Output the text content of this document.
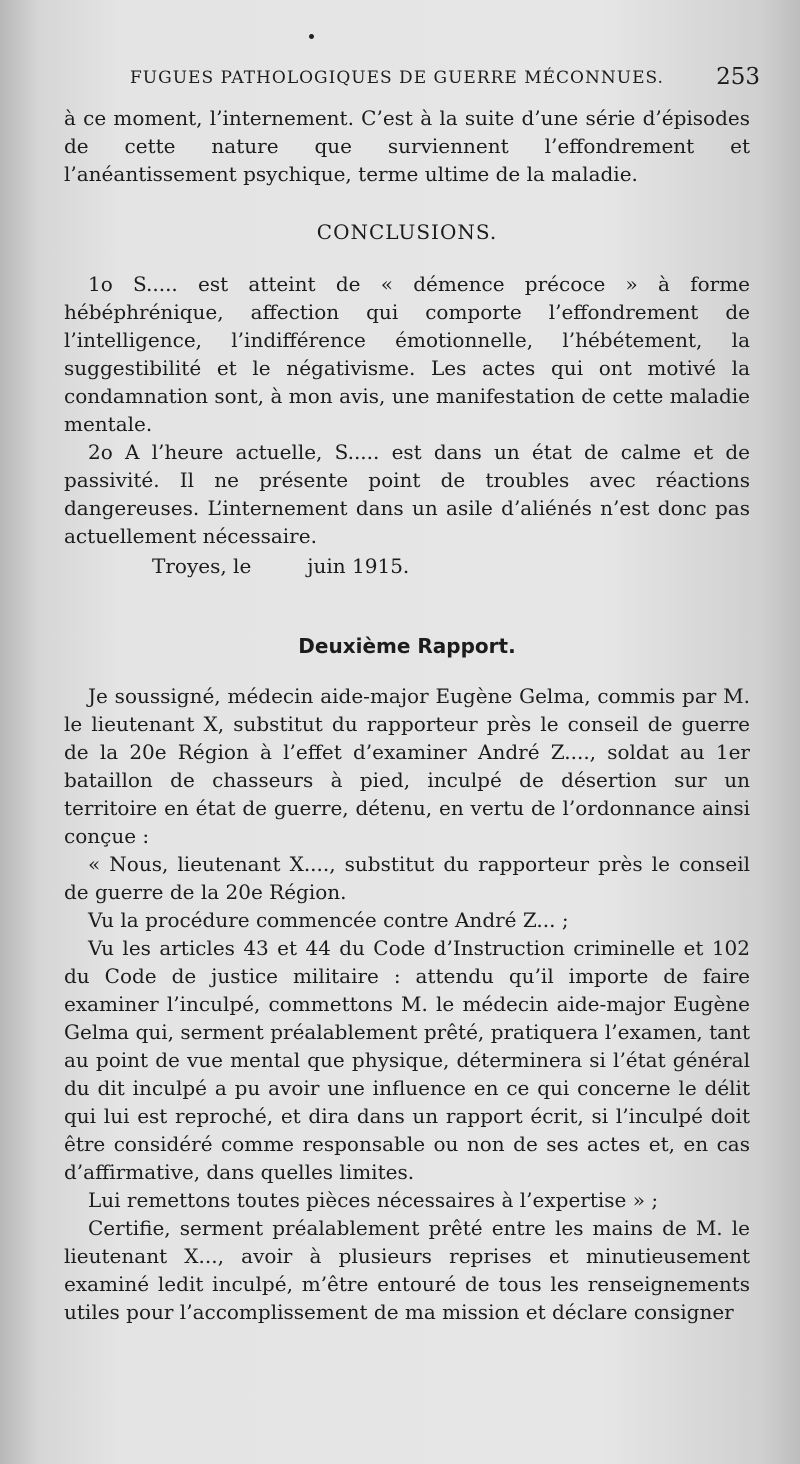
FUGUES PATHOLOGIQUES DE GUERRE MÉCONNUES. 253

à ce moment, l’internement. C’est à la suite d’une série d’épisodes de cette nature que surviennent l’effondrement et l’anéantissement psychique, terme ultime de la maladie.

CONCLUSIONS.

1o S..... est atteint de « démence précoce » à forme hébéphrénique, affection qui comporte l’effondrement de l’intelligence, l’indifférence émotionnelle, l’hébétement, la suggestibilité et le négativisme. Les actes qui ont motivé la condamnation sont, à mon avis, une manifestation de cette maladie mentale.

2o A l’heure actuelle, S..... est dans un état de calme et de passivité. Il ne présente point de troubles avec réactions dangereuses. L’internement dans un asile d’aliénés n’est donc pas actuellement nécessaire.

Troyes, le	juin 1915.

Deuxième Rapport.

Je soussigné, médecin aide-major Eugène Gelma, commis par M. le lieutenant X, substitut du rapporteur près le conseil de guerre de la 20e Région à l’effet d’examiner André Z...., soldat au 1er bataillon de chasseurs à pied, inculpé de désertion sur un territoire en état de guerre, détenu, en vertu de l’ordonnance ainsi conçue :

« Nous, lieutenant X...., substitut du rapporteur près le conseil de guerre de la 20e Région.

Vu la procédure commencée contre André Z... ;

Vu les articles 43 et 44 du Code d’Instruction criminelle et 102 du Code de justice militaire : attendu qu’il importe de faire examiner l’inculpé, commettons M. le médecin aide-major Eugène Gelma qui, serment préalablement prêté, pratiquera l’examen, tant au point de vue mental que physique, déterminera si l’état général du dit inculpé a pu avoir une influence en ce qui concerne le délit qui lui est reproché, et dira dans un rapport écrit, si l’inculpé doit être considéré comme responsable ou non de ses actes et, en cas d’affirmative, dans quelles limites.

Lui remettons toutes pièces nécessaires à l’expertise » ;

Certifie, serment préalablement prêté entre les mains de M. le lieutenant X..., avoir à plusieurs reprises et minutieusement examiné ledit inculpé, m’être entouré de tous les renseignements utiles pour l’accomplissement de ma mission et déclare consigner
